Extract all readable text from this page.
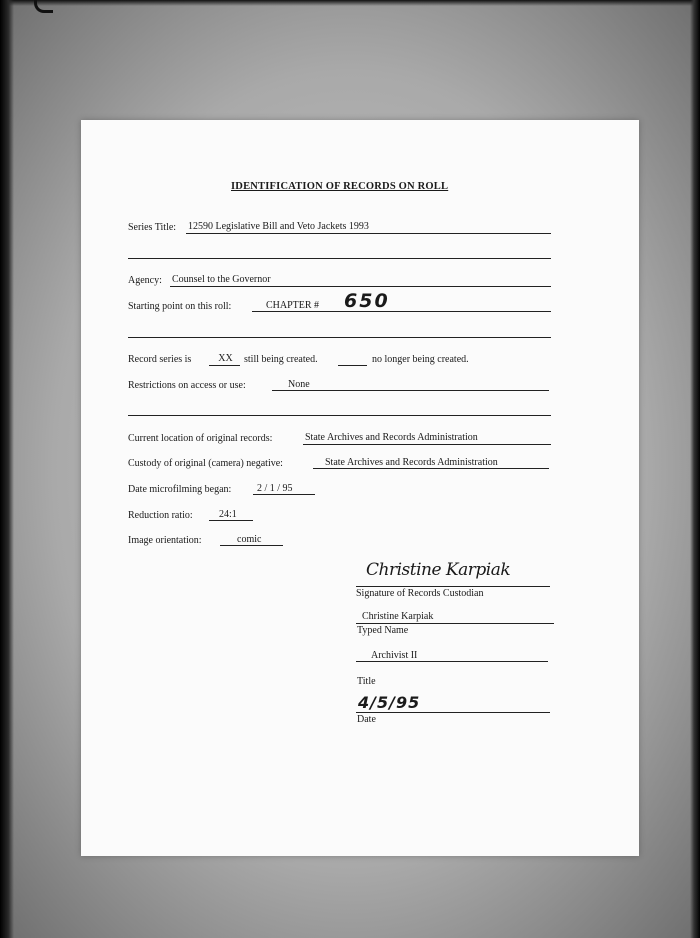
IDENTIFICATION OF RECORDS ON ROLL
Series Title: 12590 Legislative Bill and Veto Jackets 1993
Agency: Counsel to the Governor
Starting point on this roll:	CHAPTER # 650
Record series is	XX	still being created.	no longer being created.
Restrictions on access or use:	None
Current location of original records:	State Archives and Records Administration
Custody of original (camera) negative:	State Archives and Records Administration
Date microfilming began:	2 / 1 / 95
Reduction ratio:	24:1
Image orientation:	comic
Christine Karpiak
Signature of Records Custodian
Christine Karpiak
Typed Name
Archivist II
Title
4/5/95
Date
